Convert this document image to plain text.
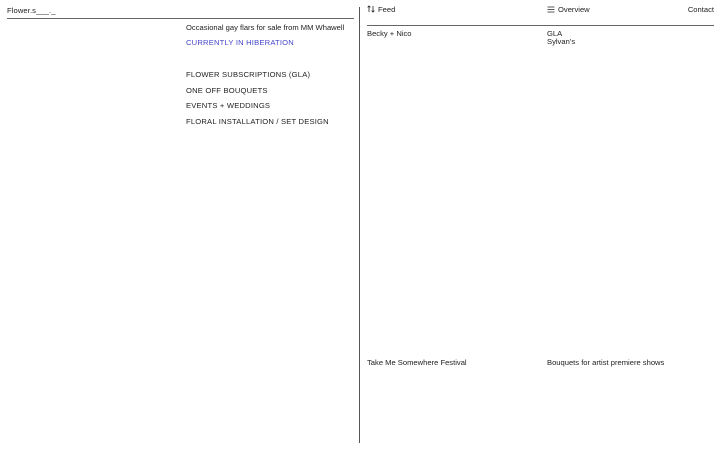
Flower.s___._
Occasional gay flars for sale from MM Whawell
CURRENTLY IN HIBERATION
FLOWER SUBSCRIPTIONS (GLA)
ONE OFF BOUQUETS
EVENTS + WEDDINGS
FLORAL INSTALLATION / SET DESIGN
Feed	Overview	Contact
Becky + Nico	GLA
Sylvan’s
Take Me Somewhere Festival	Bouquets for artist premiere shows
